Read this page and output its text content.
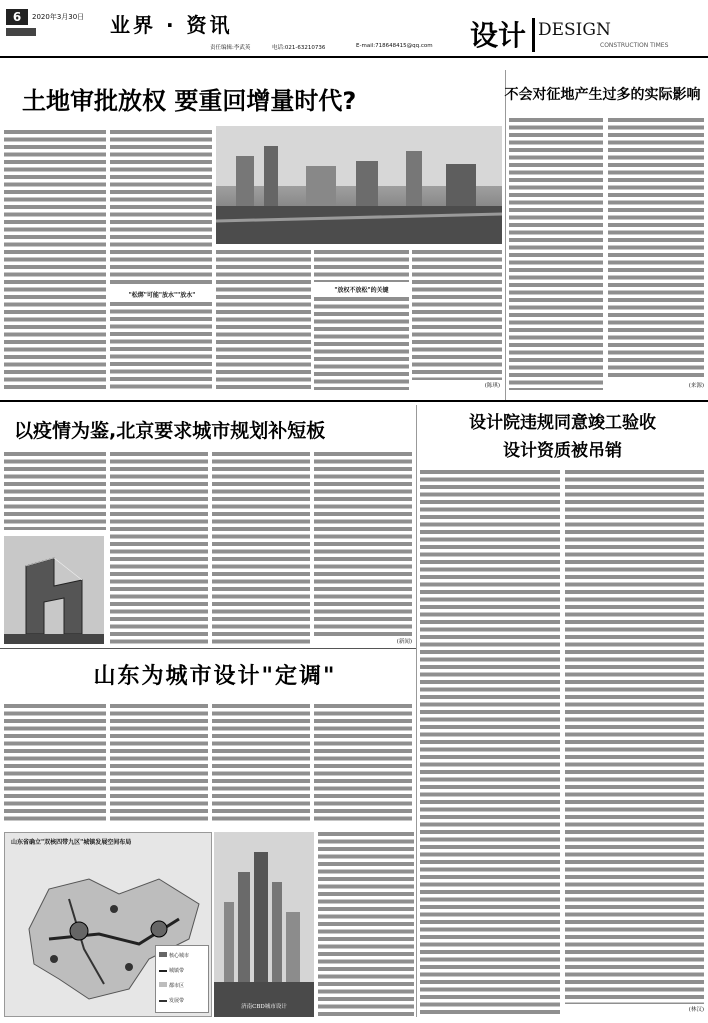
6	2020年3月30日	业界 · 资讯
责任编辑:李武英	电话:021-63210736	E-mail:718648415@qq.com	设计 DESIGN
CONSTRUCTION TIMES
土地审批放权 要重回增量时代?
"松绑"可能"放水""放水"
"放权不放松"的关键
(陈琪)
不会对征地产生过多的实际影响
(来源)
以疫情为鉴,北京要求城市规划补短板
(新闻)
设计院违规同意竣工验收
设计资质被吊销
(林汉)
山东为城市设计"定调"
山东省确立"双核四带九区"城镇发展空间布局
核心城市
城镇带
都市区
发展带
济南CBD城市设计
